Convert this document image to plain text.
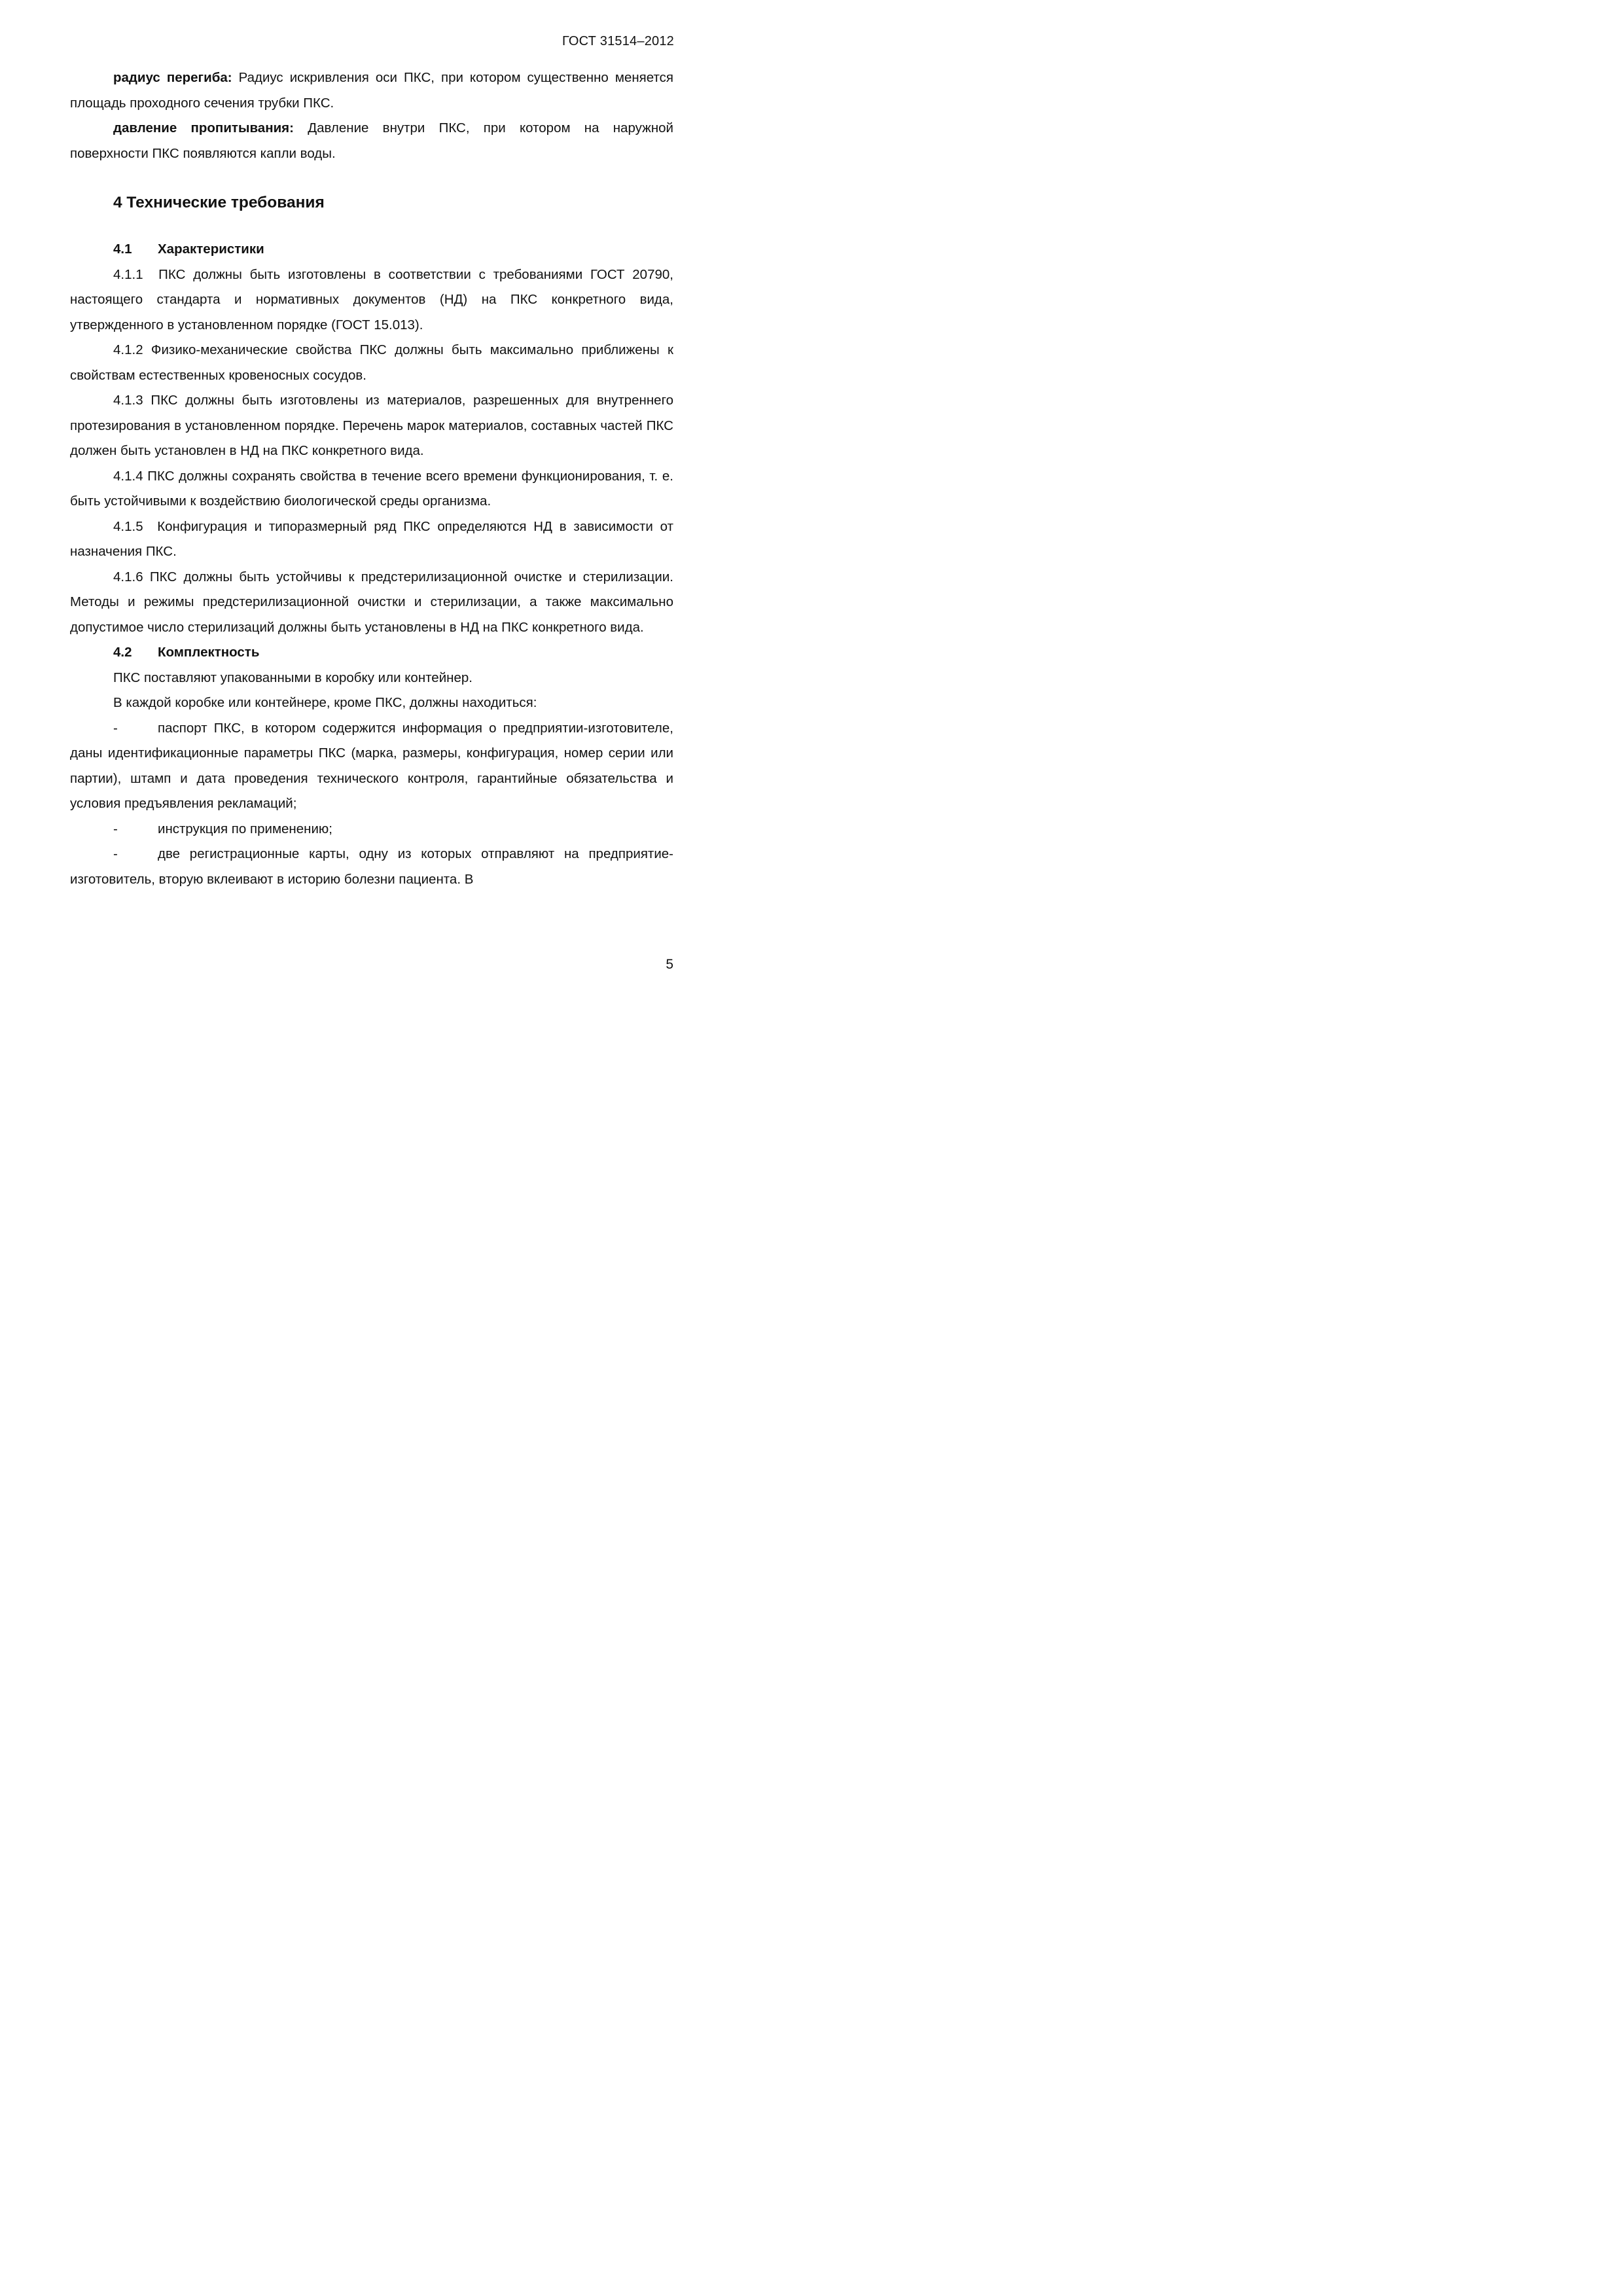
ГОСТ 31514–2012

радиус перегиба: Радиус искривления оси ПКС, при котором существенно меняется площадь проходного сечения трубки ПКС.

давление пропитывания: Давление внутри ПКС, при котором на наружной поверхности ПКС появляются капли воды.

4 Технические требования
4.1 Характеристики

4.1.1 ПКС должны быть изготовлены в соответствии с требованиями ГОСТ 20790, настоящего стандарта и нормативных документов (НД) на ПКС конкретного вида, утвержденного в установленном порядке (ГОСТ 15.013).

4.1.2 Физико-механические свойства ПКС должны быть максимально приближены к свойствам естественных кровеносных сосудов.

4.1.3 ПКС должны быть изготовлены из материалов, разрешенных для внутреннего протезирования в установленном порядке. Перечень марок материалов, составных частей ПКС должен быть установлен в НД на ПКС конкретного вида.

4.1.4 ПКС должны сохранять свойства в течение всего времени функционирования, т. е. быть устойчивыми к воздействию биологической среды организма.

4.1.5 Конфигурация и типоразмерный ряд ПКС определяются НД в зависимости от назначения ПКС.

4.1.6 ПКС должны быть устойчивы к предстерилизационной очистке и стерилизации. Методы и режимы предстерилизационной очистки и стерилизации, а также максимально допустимое число стерилизаций должны быть установлены в НД на ПКС конкретного вида.

4.2 Комплектность

ПКС поставляют упакованными в коробку или контейнер.

В каждой коробке или контейнере, кроме ПКС, должны находиться:

-паспорт ПКС, в котором содержится информация о предприятии-изготовителе, даны идентификационные параметры ПКС (марка, размеры, конфигурация, номер серии или партии), штамп и дата проведения технического контроля, гарантийные обязательства и условия предъявления рекламаций;

-инструкция по применению;

-две регистрационные карты, одну из которых отправляют на предприятие-изготовитель, вторую вклеивают в историю болезни пациента. В

5
